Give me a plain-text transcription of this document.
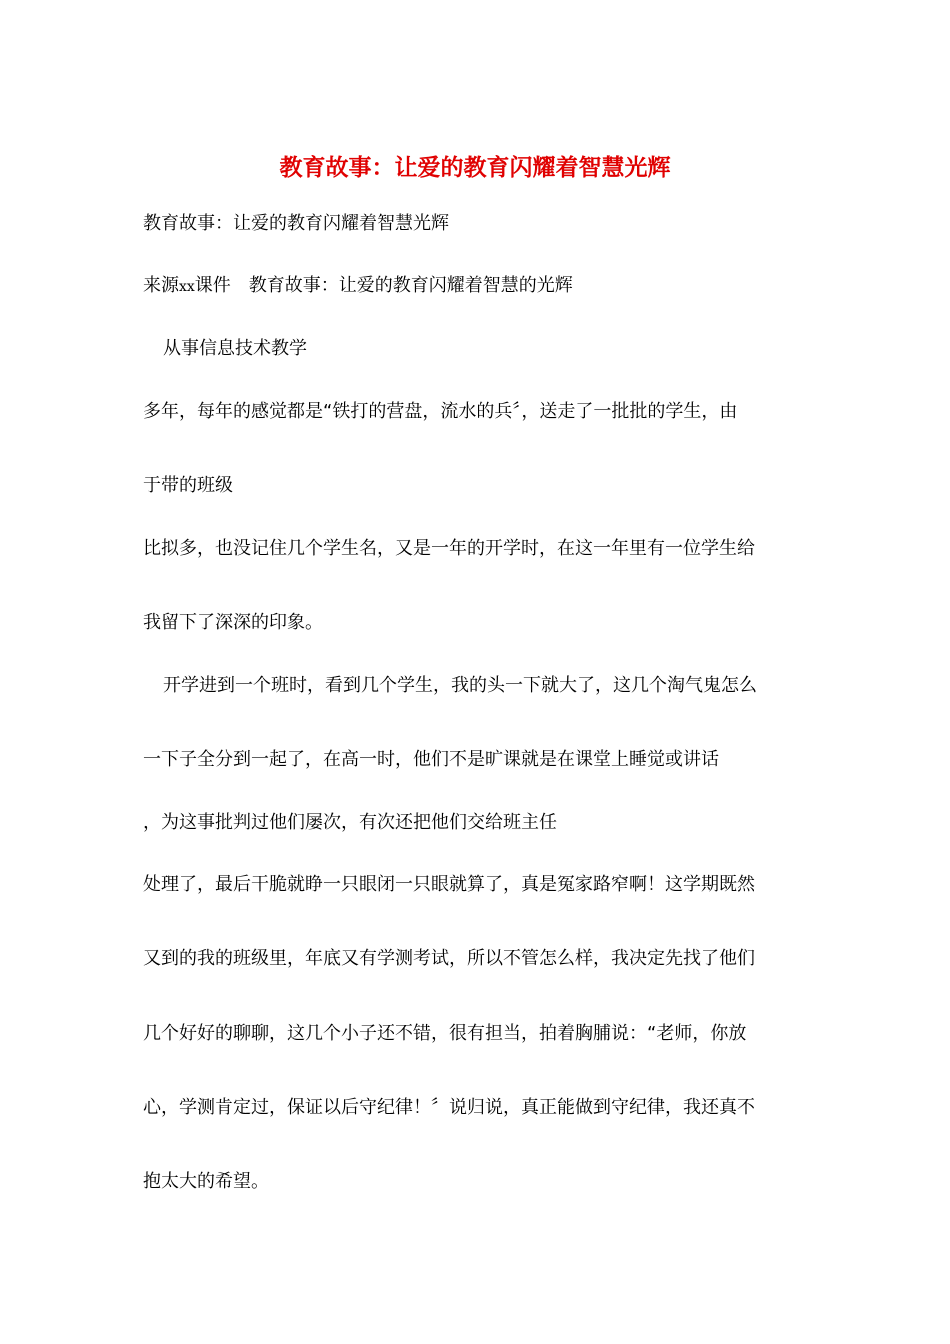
教育故事：让爱的教育闪耀着智慧光辉
教育故事：让爱的教育闪耀着智慧光辉
来源xx课件　教育故事：让爱的教育闪耀着智慧的光辉
从事信息技术教学
多年，每年的感觉都是“铁打的营盘，流水的兵〞，送走了一批批的学生，由
于带的班级
比拟多，也没记住几个学生名，又是一年的开学时，在这一年里有一位学生给
我留下了深深的印象。
开学进到一个班时，看到几个学生，我的头一下就大了，这几个淘气鬼怎么
一下子全分到一起了，在高一时，他们不是旷课就是在课堂上睡觉或讲话
，为这事批判过他们屡次，有次还把他们交给班主任
处理了，最后干脆就睁一只眼闭一只眼就算了，真是冤家路窄啊！这学期既然
又到的我的班级里，年底又有学测考试，所以不管怎么样，我决定先找了他们
几个好好的聊聊，这几个小子还不错，很有担当，拍着胸脯说：“老师，你放
心，学测肯定过，保证以后守纪律！〞说归说，真正能做到守纪律，我还真不
抱太大的希望。
